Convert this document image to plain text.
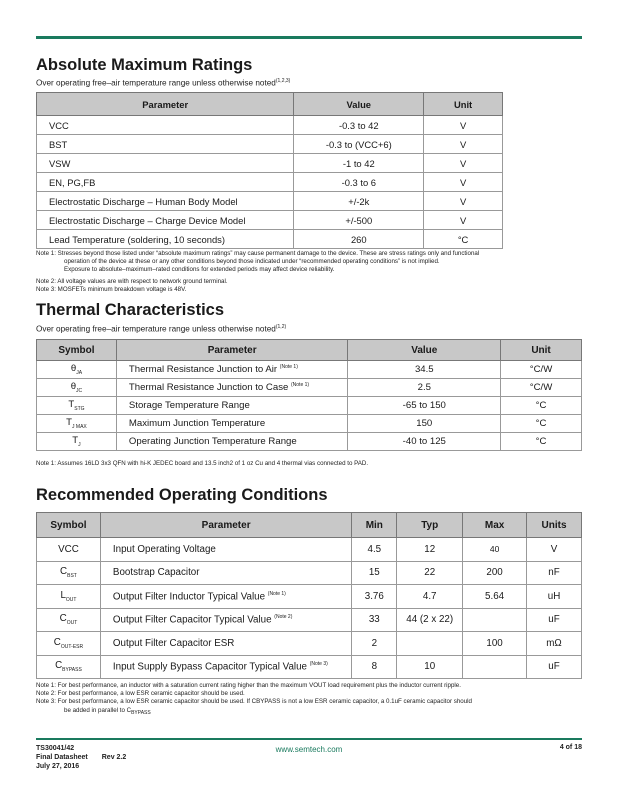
Absolute Maximum Ratings
Over operating free–air temperature range unless otherwise noted$^{(1,2,3)}$
Parameter	Value	Unit
VCC	-0.3 to 42	V
BST	-0.3 to (VCC+6)	V
VSW	-1 to 42	V
EN, PG,FB	-0.3 to 6	V
Electrostatic Discharge – Human Body Model	+/-2k	V
Electrostatic Discharge – Charge Device Model	+/-500	V
Lead Temperature (soldering, 10 seconds)	260	°C
Note 1: Stresses beyond those listed under “absolute maximum ratings” may cause permanent damage to the device. These are stress ratings only and functional
operation of the device at these or any other conditions beyond those indicated under “recommended operating conditions” is not implied.
Exposure to absolute–maximum–rated conditions for extended periods may affect device reliability.
Note 2: All voltage values are with respect to network ground terminal.
Note 3: MOSFETs minimum breakdown voltage is 48V.
Thermal Characteristics
Over operating free–air temperature range unless otherwise noted$^{(1,2)}$
Symbol	Parameter	Value	Unit
$\theta_{JA}$	Thermal Resistance Junction to Air $^{(Note 1)}$	34.5	°C/W
$\theta_{JC}$	Thermal Resistance Junction to Case $^{(Note 1)}$	2.5	°C/W
$T_{STG}$	Storage Temperature Range	-65 to 150	°C
$T_{J MAX}$	Maximum Junction Temperature	150	°C
$T_J$	Operating Junction Temperature Range	-40 to 125	°C
Note 1: Assumes 16LD 3x3 QFN with hi-K JEDEC board and 13.5 inch2 of 1 oz Cu and 4 thermal vias connected to PAD.
Recommended Operating Conditions
Symbol	Parameter	Min	Typ	Max	Units
VCC	Input Operating Voltage	4.5	12	40	V
$C_{BST}$	Bootstrap Capacitor	15	22	200	nF
$L_{OUT}$	Output Filter Inductor Typical Value $^{(Note 1)}$	3.76	4.7	5.64	uH
$C_{OUT}$	Output Filter Capacitor Typical Value $^{(Note 2)}$	33	44 (2 x 22)		uF
$C_{OUT-ESR}$	Output Filter Capacitor ESR	2		100	mΩ
$C_{BYPASS}$	Input Supply Bypass Capacitor Typical Value $^{(Note 3)}$	8	10		uF
Note 1: For best performance, an inductor with a saturation current rating higher than the maximum VOUT load requirement plus the inductor current ripple.
Note 2: For best performance, a low ESR ceramic capacitor should be used.
Note 3: For best performance, a low ESR ceramic capacitor should be used. If CBYPASS is not a low ESR ceramic capacitor, a 0.1uF ceramic capacitor should
be added in parallel to $C_{BYPASS}$
TS30041/42
Final Datasheet Rev 2.2
July 27, 2016
www.semtech.com	4 of 18
